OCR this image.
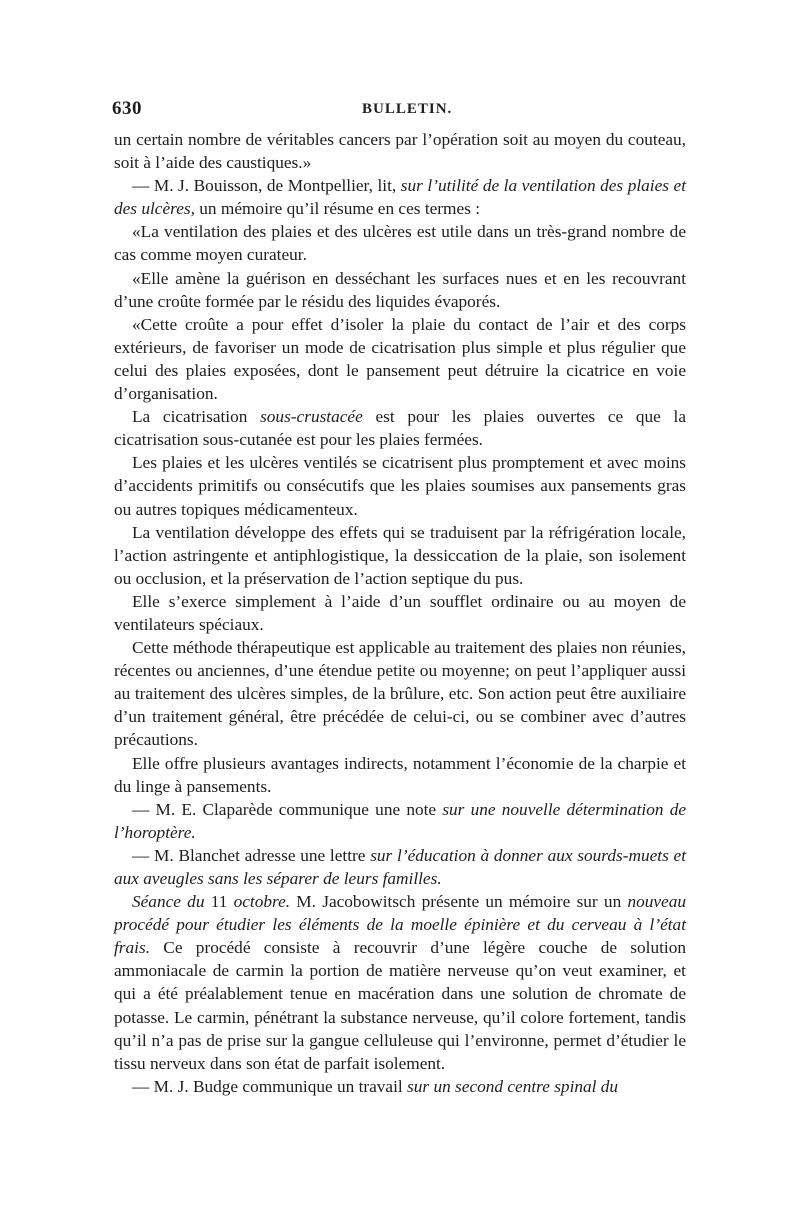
630	BULLETIN.

un certain nombre de véritables cancers par l’opération soit au moyen du couteau, soit à l’aide des caustiques.»

— M. J. Bouisson, de Montpellier, lit, sur l’utilité de la ventilation des plaies et des ulcères, un mémoire qu’il résume en ces termes :

«La ventilation des plaies et des ulcères est utile dans un très-grand nombre de cas comme moyen curateur.

«Elle amène la guérison en desséchant les surfaces nues et en les recouvrant d’une croûte formée par le résidu des liquides évaporés.

«Cette croûte a pour effet d’isoler la plaie du contact de l’air et des corps extérieurs, de favoriser un mode de cicatrisation plus simple et plus régulier que celui des plaies exposées, dont le pansement peut détruire la cicatrice en voie d’organisation.

La cicatrisation sous-crustacée est pour les plaies ouvertes ce que la cicatrisation sous-cutanée est pour les plaies fermées.

Les plaies et les ulcères ventilés se cicatrisent plus promptement et avec moins d’accidents primitifs ou consécutifs que les plaies soumises aux pansements gras ou autres topiques médicamenteux.

La ventilation développe des effets qui se traduisent par la réfrigération locale, l’action astringente et antiphlogistique, la dessiccation de la plaie, son isolement ou occlusion, et la préservation de l’action septique du pus.

Elle s’exerce simplement à l’aide d’un soufflet ordinaire ou au moyen de ventilateurs spéciaux.

Cette méthode thérapeutique est applicable au traitement des plaies non réunies, récentes ou anciennes, d’une étendue petite ou moyenne; on peut l’appliquer aussi au traitement des ulcères simples, de la brûlure, etc. Son action peut être auxiliaire d’un traitement général, être précédée de celui-ci, ou se combiner avec d’autres précautions.

Elle offre plusieurs avantages indirects, notamment l’économie de la charpie et du linge à pansements.

— M. E. Claparède communique une note sur une nouvelle détermination de l’horoptère.

— M. Blanchet adresse une lettre sur l’éducation à donner aux sourds-muets et aux aveugles sans les séparer de leurs familles.

Séance du 11 octobre. M. Jacobowitsch présente un mémoire sur un nouveau procédé pour étudier les éléments de la moelle épinière et du cerveau à l’état frais. Ce procédé consiste à recouvrir d’une légère couche de solution ammoniacale de carmin la portion de matière nerveuse qu’on veut examiner, et qui a été préalablement tenue en macération dans une solution de chromate de potasse. Le carmin, pénétrant la substance nerveuse, qu’il colore fortement, tandis qu’il n’a pas de prise sur la gangue celluleuse qui l’environne, permet d’étudier le tissu nerveux dans son état de parfait isolement.

— M. J. Budge communique un travail sur un second centre spinal du
